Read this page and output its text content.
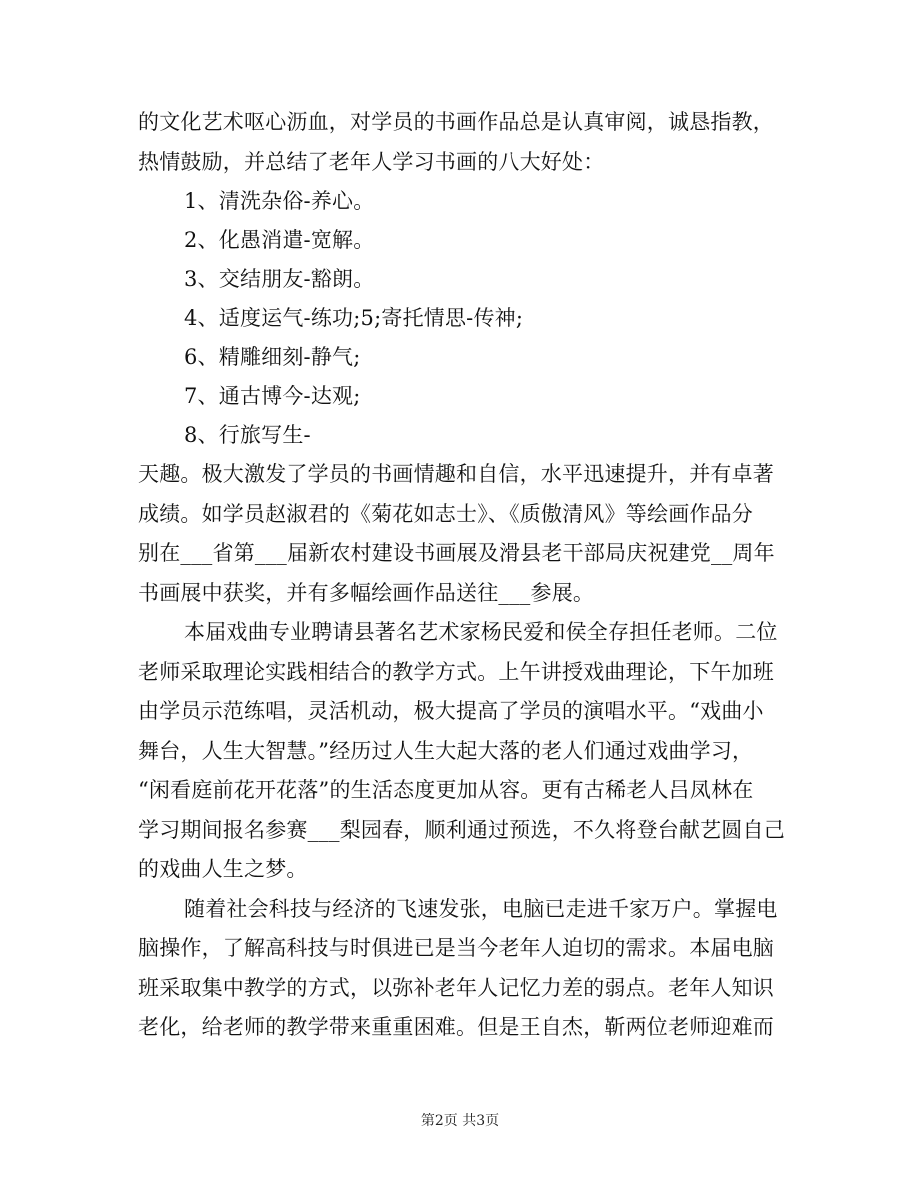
的文化艺术呕心沥血，对学员的书画作品总是认真审阅，诚恳指教，
热情鼓励，并总结了老年人学习书画的八大好处：
1、清洗杂俗-养心。
2、化愚消遣-宽解。
3、交结朋友-豁朗。
4、适度运气-练功;5;寄托情思-传神;
6、精雕细刻-静气;
7、通古博今-达观;
8、行旅写生-
天趣。极大激发了学员的书画情趣和自信，水平迅速提升，并有卓著
成绩。如学员赵淑君的《菊花如志士》、《质傲清风》等绘画作品分
别在___省第___届新农村建设书画展及滑县老干部局庆祝建党__周年
书画展中获奖，并有多幅绘画作品送往___参展。
本届戏曲专业聘请县著名艺术家杨民爱和侯全存担任老师。二位
老师采取理论实践相结合的教学方式。上午讲授戏曲理论，下午加班
由学员示范练唱，灵活机动，极大提高了学员的演唱水平。“戏曲小
舞台，人生大智慧。”经历过人生大起大落的老人们通过戏曲学习，
“闲看庭前花开花落”的生活态度更加从容。更有古稀老人吕凤林在
学习期间报名参赛___梨园春，顺利通过预选，不久将登台献艺圆自己
的戏曲人生之梦。
随着社会科技与经济的飞速发张，电脑已走进千家万户。掌握电
脑操作，了解高科技与时俱进已是当今老年人迫切的需求。本届电脑
班采取集中教学的方式，以弥补老年人记忆力差的弱点。老年人知识
老化，给老师的教学带来重重困难。但是王自杰，靳两位老师迎难而
第2页 共3页
